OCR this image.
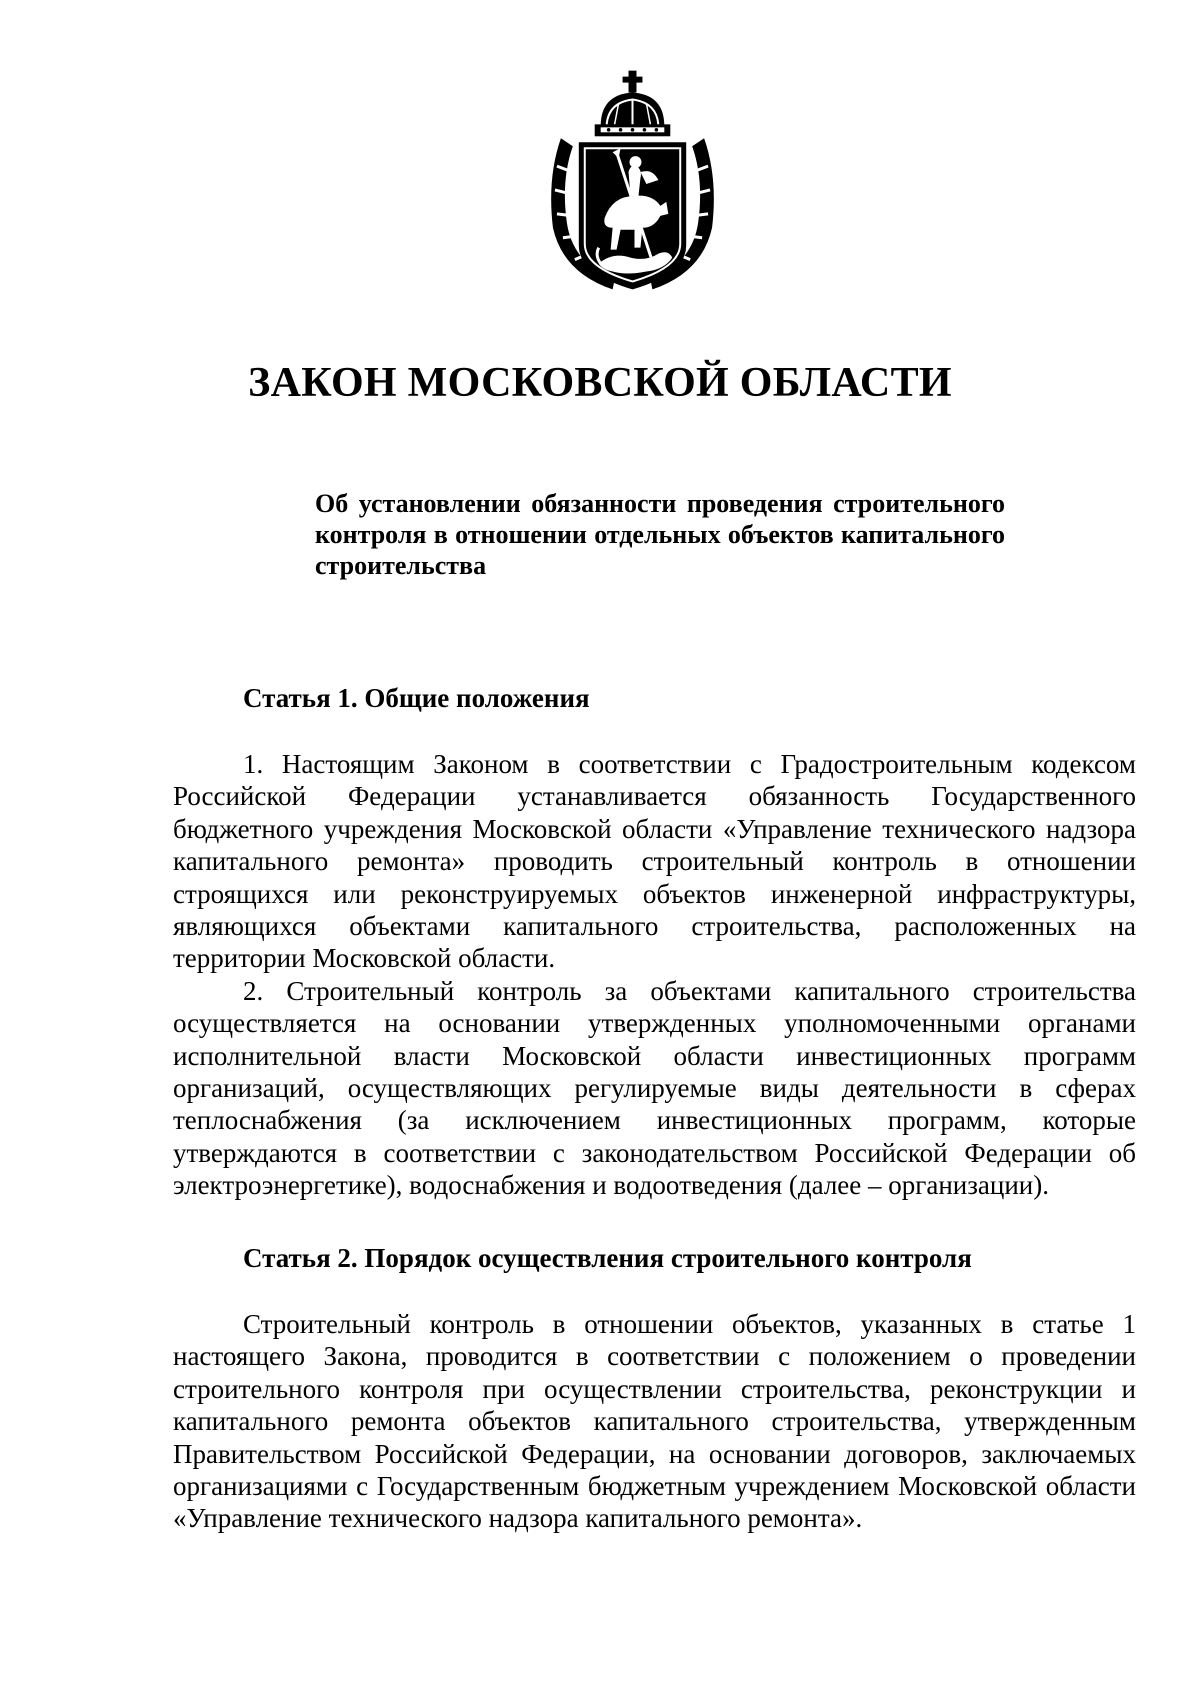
ЗАКОН МОСКОВСКОЙ ОБЛАСТИ

Об установлении обязанности проведения строительного контроля в отношении отдельных объектов капитального строительства

Статья 1. Общие положения

1. Настоящим Законом в соответствии с Градостроительным кодексом Российской Федерации устанавливается обязанность Государственного бюджетного учреждения Московской области «Управление технического надзора капитального ремонта» проводить строительный контроль в отношении строящихся или реконструируемых объектов инженерной инфраструктуры, являющихся объектами капитального строительства, расположенных на территории Московской области.

2. Строительный контроль за объектами капитального строительства осуществляется на основании утвержденных уполномоченными органами исполнительной власти Московской области инвестиционных программ организаций, осуществляющих регулируемые виды деятельности в сферах теплоснабжения (за исключением инвестиционных программ, которые утверждаются в соответствии с законодательством Российской Федерации об электроэнергетике), водоснабжения и водоотведения (далее – организации).

Статья 2. Порядок осуществления строительного контроля

Строительный контроль в отношении объектов, указанных в статье 1 настоящего Закона, проводится в соответствии с положением о проведении строительного контроля при осуществлении строительства, реконструкции и капитального ремонта объектов капитального строительства, утвержденным Правительством Российской Федерации, на основании договоров, заключаемых организациями с Государственным бюджетным учреждением Московской области «Управление технического надзора капитального ремонта».
